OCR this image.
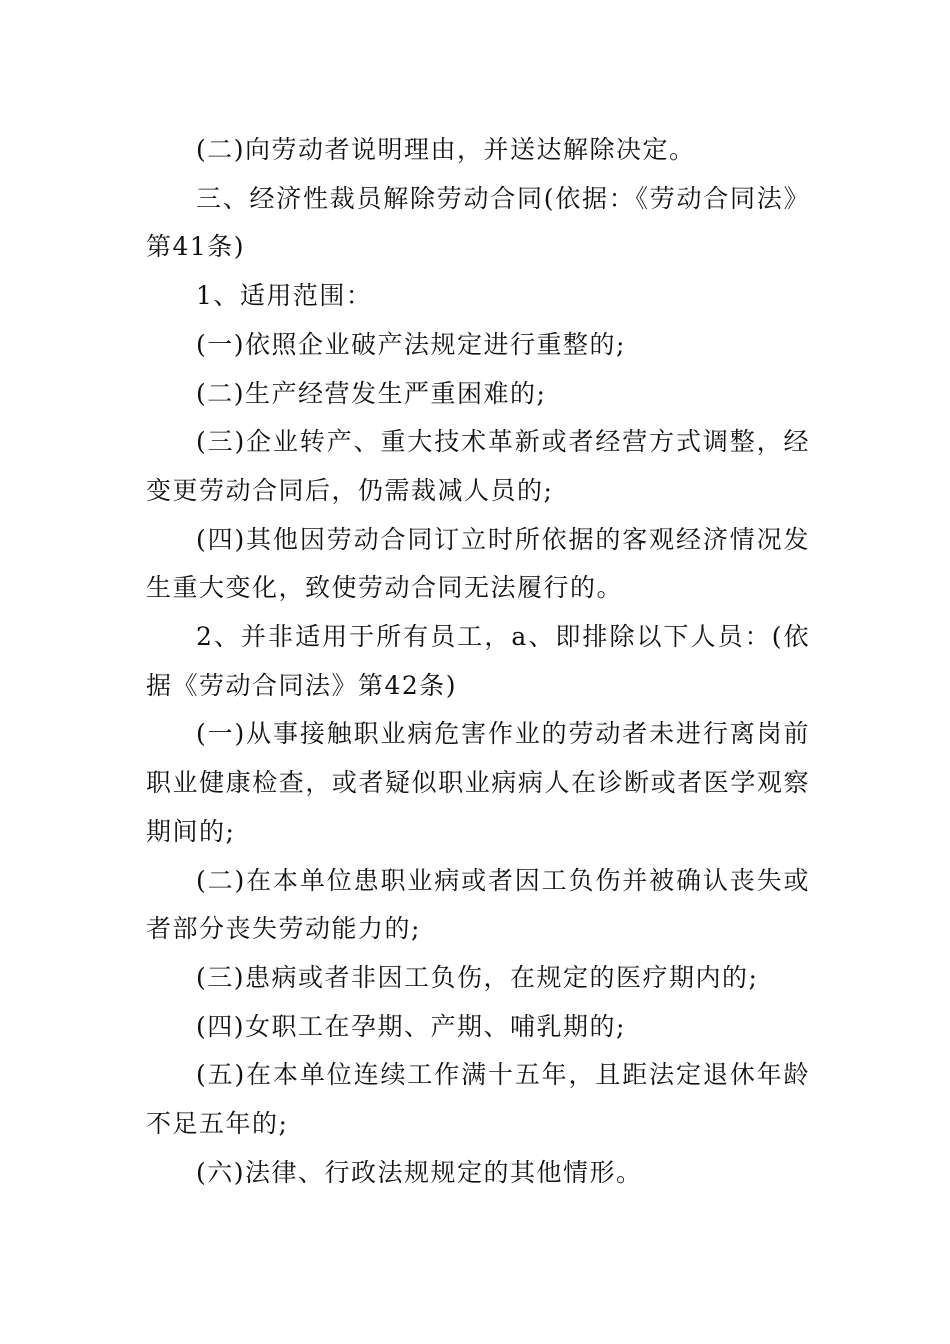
(二)向劳动者说明理由，并送达解除决定。

三、经济性裁员解除劳动合同(依据：《劳动合同法》第41条)

1、适用范围：

(一)依照企业破产法规定进行重整的;

(二)生产经营发生严重困难的;

(三)企业转产、重大技术革新或者经营方式调整，经变更劳动合同后，仍需裁减人员的;

(四)其他因劳动合同订立时所依据的客观经济情况发生重大变化，致使劳动合同无法履行的。

2、并非适用于所有员工，a、即排除以下人员：(依据《劳动合同法》第42条)

(一)从事接触职业病危害作业的劳动者未进行离岗前职业健康检查，或者疑似职业病病人在诊断或者医学观察期间的;

(二)在本单位患职业病或者因工负伤并被确认丧失或者部分丧失劳动能力的;

(三)患病或者非因工负伤，在规定的医疗期内的;

(四)女职工在孕期、产期、哺乳期的;

(五)在本单位连续工作满十五年，且距法定退休年龄不足五年的;

(六)法律、行政法规规定的其他情形。
